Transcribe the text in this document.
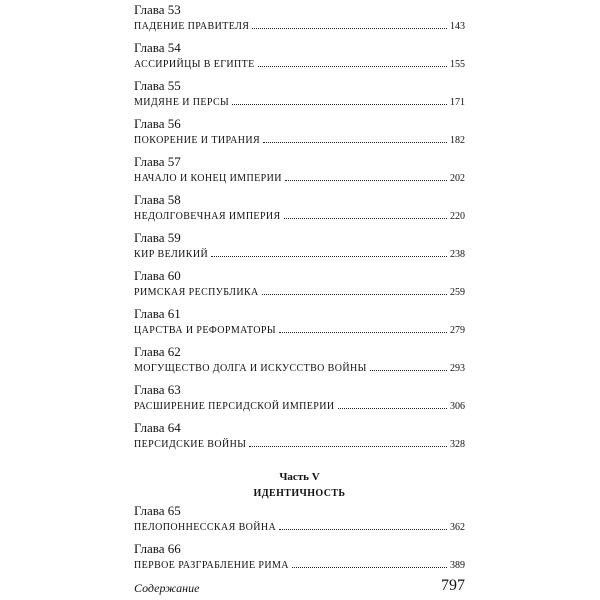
Глава 53
ПАДЕНИЕ ПРАВИТЕЛЯ	143
Глава 54
АССИРИЙЦЫ В ЕГИПТЕ	155
Глава 55
МИДЯНЕ И ПЕРСЫ	171
Глава 56
ПОКОРЕНИЕ И ТИРАНИЯ	182
Глава 57
НАЧАЛО И КОНЕЦ ИМПЕРИИ	202
Глава 58
НЕДОЛГОВЕЧНАЯ ИМПЕРИЯ	220
Глава 59
КИР ВЕЛИКИЙ	238
Глава 60
РИМСКАЯ РЕСПУБЛИКА	259
Глава 61
ЦАРСТВА И РЕФОРМАТОРЫ	279
Глава 62
МОГУЩЕСТВО ДОЛГА И ИСКУССТВО ВОЙНЫ	293
Глава 63
РАСШИРЕНИЕ ПЕРСИДСКОЙ ИМПЕРИИ	306
Глава 64
ПЕРСИДСКИЕ ВОЙНЫ	328
Часть V
ИДЕНТИЧНОСТЬ
Глава 65
ПЕЛОПОННЕССКАЯ ВОЙНА	362
Глава 66
ПЕРВОЕ РАЗГРАБЛЕНИЕ РИМА	389
Содержание	797
